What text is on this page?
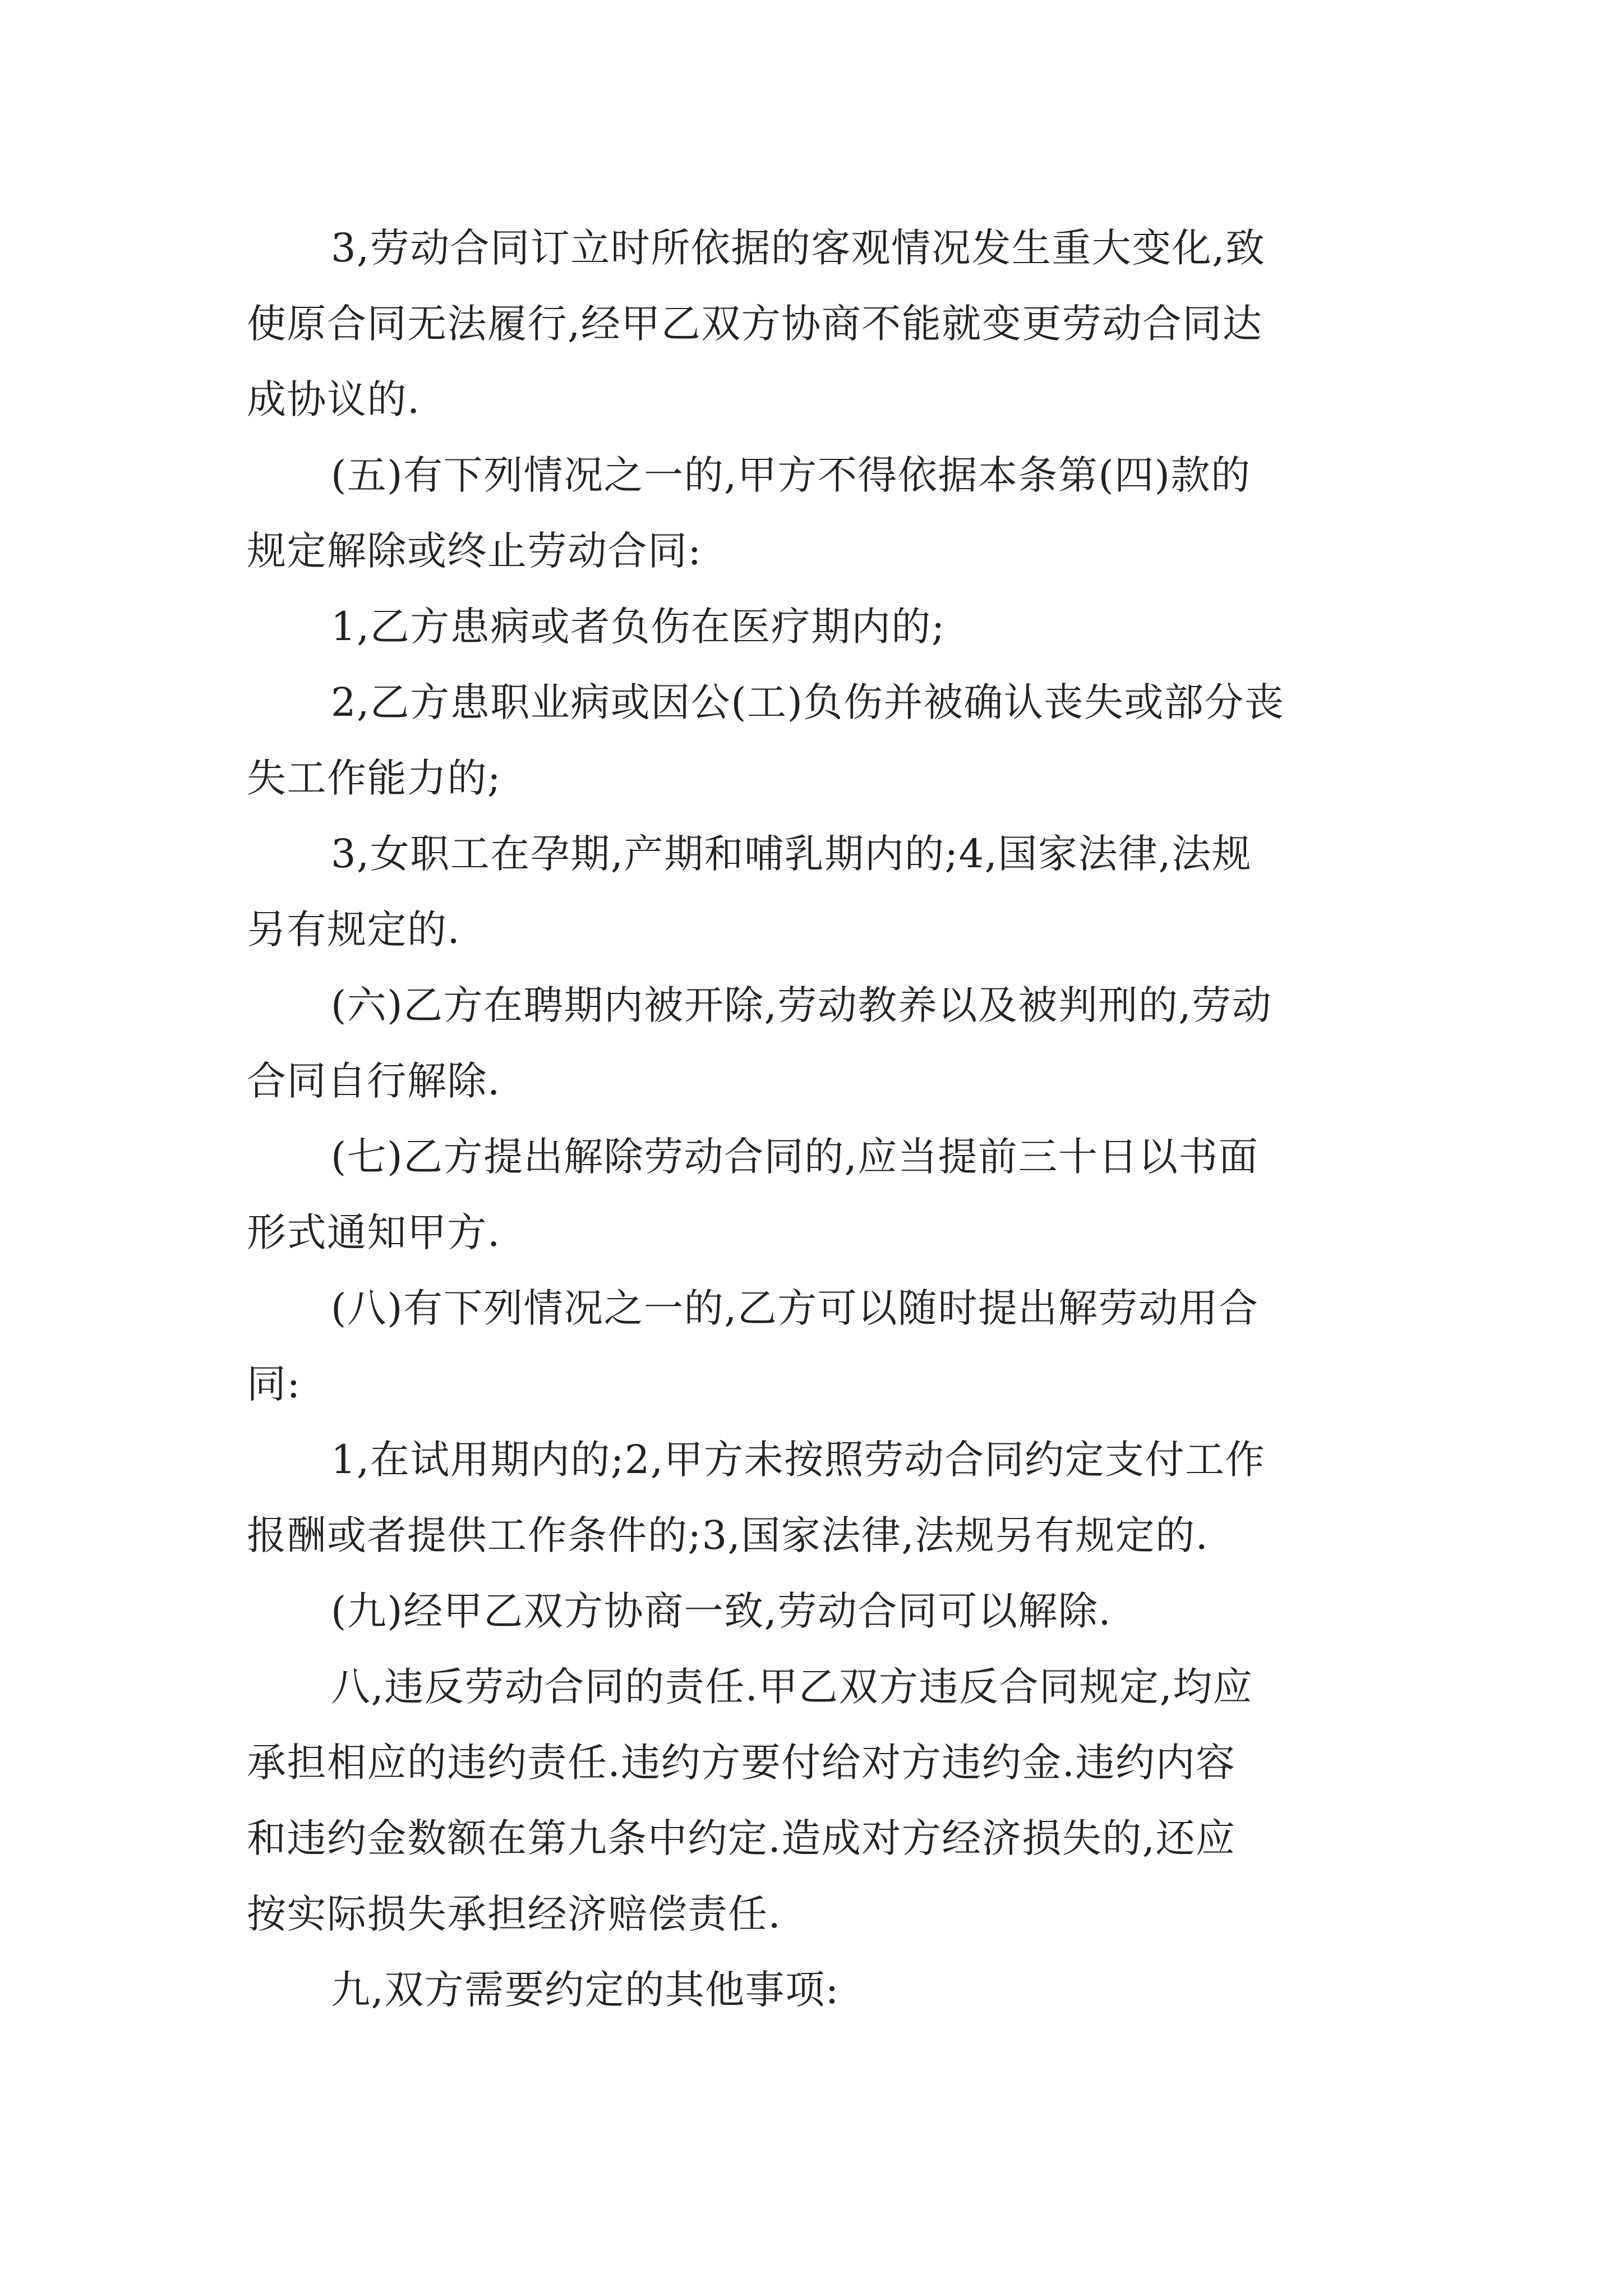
3,劳动合同订立时所依据的客观情况发生重大变化,致
使原合同无法履行,经甲乙双方协商不能就变更劳动合同达
成协议的.

(五)有下列情况之一的,甲方不得依据本条第(四)款的
规定解除或终止劳动合同:

1,乙方患病或者负伤在医疗期内的;

2,乙方患职业病或因公(工)负伤并被确认丧失或部分丧
失工作能力的;

3,女职工在孕期,产期和哺乳期内的;4,国家法律,法规
另有规定的.

(六)乙方在聘期内被开除,劳动教养以及被判刑的,劳动
合同自行解除.

(七)乙方提出解除劳动合同的,应当提前三十日以书面
形式通知甲方.

(八)有下列情况之一的,乙方可以随时提出解劳动用合
同:

1,在试用期内的;2,甲方未按照劳动合同约定支付工作
报酬或者提供工作条件的;3,国家法律,法规另有规定的.

(九)经甲乙双方协商一致,劳动合同可以解除.

八,违反劳动合同的责任.甲乙双方违反合同规定,均应
承担相应的违约责任.违约方要付给对方违约金.违约内容
和违约金数额在第九条中约定.造成对方经济损失的,还应
按实际损失承担经济赔偿责任.

九,双方需要约定的其他事项:
